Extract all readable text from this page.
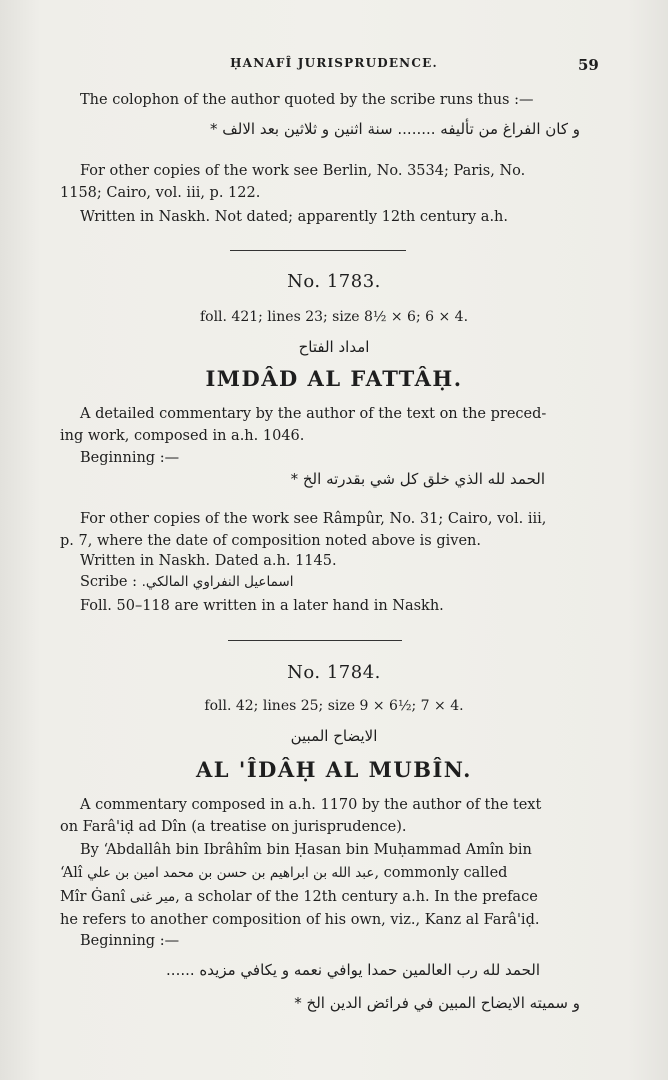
ḤANAFÎ JURISPRUDENCE.	59
The colophon of the author quoted by the scribe runs thus :—
و كان الفراغ من تأليفه ........ سنة اثنين و ثلاثين بعد الالف *
For other copies of the work see Berlin, No. 3534; Paris, No.
1158; Cairo, vol. iii, p. 122.
Written in Naskh. Not dated; apparently 12th century a.h.
No. 1783.
foll. 421; lines 23; size 8½ × 6; 6 × 4.
امداد الفتاح
IMDÂD AL FATTÂḤ.
A detailed commentary by the author of the text on the preced-
ing work, composed in a.h. 1046.
Beginning :—
الحمد لله الذي خلق كل شي بقدرته الخ *
For other copies of the work see Râmpûr, No. 31; Cairo, vol. iii,
p. 7, where the date of composition noted above is given.
Written in Naskh. Dated a.h. 1145.
Scribe : اسماعيل النفراوي المالكي.
Foll. 50–118 are written in a later hand in Naskh.
No. 1784.
foll. 42; lines 25; size 9 × 6½; 7 × 4.
الايضاح المبين
AL 'ÎDÂḤ AL MUBÎN.
A commentary composed in a.h. 1170 by the author of the text
on Farâ'iḍ ad Dîn (a treatise on jurisprudence).
By ‘Abdallâh bin Ibrâhîm bin Ḥasan bin Muḥammad Amîn bin
‘Alî عبد الله بن ابراهيم بن حسن بن محمد امين بن علي, commonly called
Mîr Ġanî مير غنى, a scholar of the 12th century a.h. In the preface
he refers to another composition of his own, viz., Kanz al Farâ'iḍ.
Beginning :—
الحمد لله رب العالمين حمدا يوافي نعمه و يكافي مزيده ......
و سميته الايضاح المبين في فرائض الدين الخ *
